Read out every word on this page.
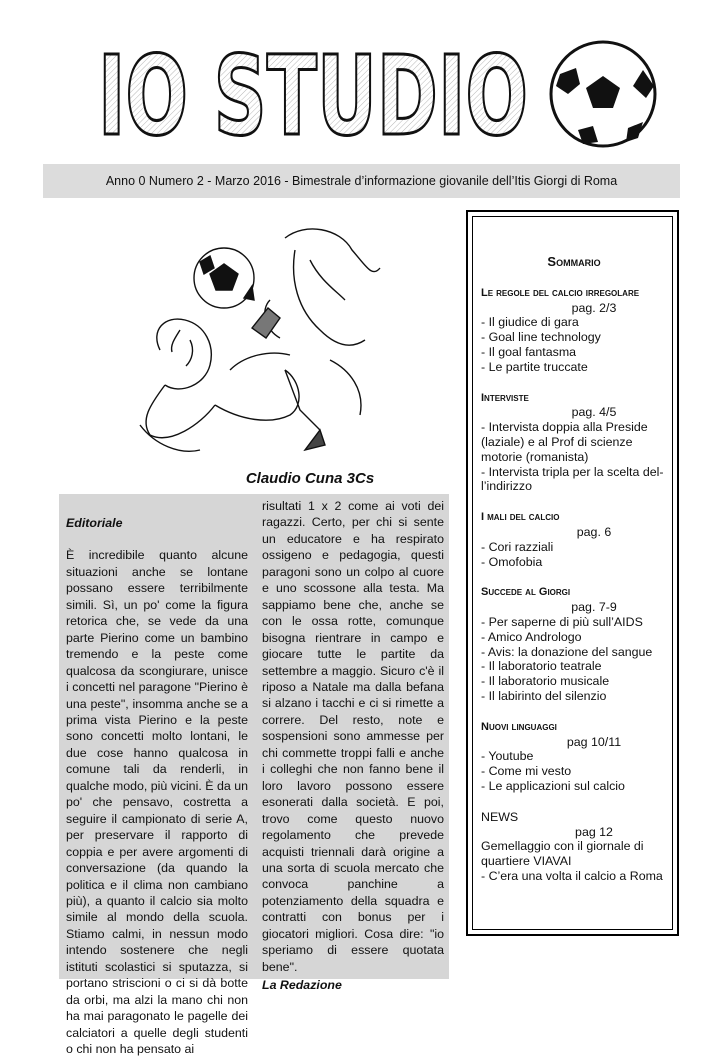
IO STUDIO
Anno 0 Numero 2 - Marzo 2016 - Bimestrale d’informazione giovanile dell’Itis Giorgi di Roma
Claudio Cuna 3Cs

Editoriale

È incredibile quanto alcune situazioni anche se lontane possano essere terribilmente simili. Sì, un po' come la figura retorica che, se vede da una parte Pierino come un bambino tremendo e la peste come qualcosa da scongiurare, unisce i concetti nel paragone "Pierino è una peste", insomma anche se a prima vista Pierino e la peste sono concetti molto lontani, le due cose hanno qualcosa in comune tali da renderli, in qualche modo, più vicini. È da un po' che pensavo, costretta a seguire il campionato di serie A, per preservare il rapporto di coppia e per avere argomenti di conversazione (da quando la politica e il clima non cambiano più), a quanto il calcio sia molto simile al mondo della scuola. Stiamo calmi, in nessun modo intendo sostenere che negli istituti scolastici si sputazza, si portano striscioni o ci si dà botte da orbi, ma alzi la mano chi non ha mai paragonato le pagelle dei calciatori a quelle degli studenti o chi non ha pensato ai

risultati 1 x 2 come ai voti dei ragazzi. Certo, per chi si sente un educatore e ha respirato ossigeno e pedagogia, questi paragoni sono un colpo al cuore e uno scossone alla testa. Ma sappiamo bene che, anche se con le ossa rotte, comunque bisogna rientrare in campo e giocare tutte le partite da settembre a maggio. Sicuro c'è il riposo a Natale ma dalla befana si alzano i tacchi e ci si rimette a correre. Del resto, note e sospensioni sono ammesse per chi commette troppi falli e anche i colleghi che non fanno bene il loro lavoro possono essere esonerati dalla società. E poi, trovo come questo nuovo regolamento che prevede acquisti triennali darà origine a una sorta di scuola mercato che convoca panchine a potenziamento della squadra e contratti con bonus per i giocatori migliori. Cosa dire: "io speriamo di essere quotata bene".

La Redazione

Sommario
Le regole del calcio irregolare
pag. 2/3
- Il giudice di gara
- Goal line technology
- Il goal fantasma
- Le partite truccate
Interviste
pag. 4/5
- Intervista doppia alla Preside (laziale) e al Prof di scienze motorie (romanista)
- Intervista tripla per la scelta del-l’indirizzo
I mali del calcio
pag. 6
- Cori razziali
- Omofobia
Succede al Giorgi
pag. 7-9
- Per saperne di più sull’AIDS
- Amico Andrologo
- Avis: la donazione del sangue
- Il laboratorio teatrale
- Il laboratorio musicale
- Il labirinto del silenzio
Nuovi linguaggi
pag 10/11
- Youtube
- Come mi vesto
- Le applicazioni sul calcio
NEWS
pag 12
Gemellaggio con il giornale di quartiere VIAVAI
- C’era una volta il calcio a Roma
